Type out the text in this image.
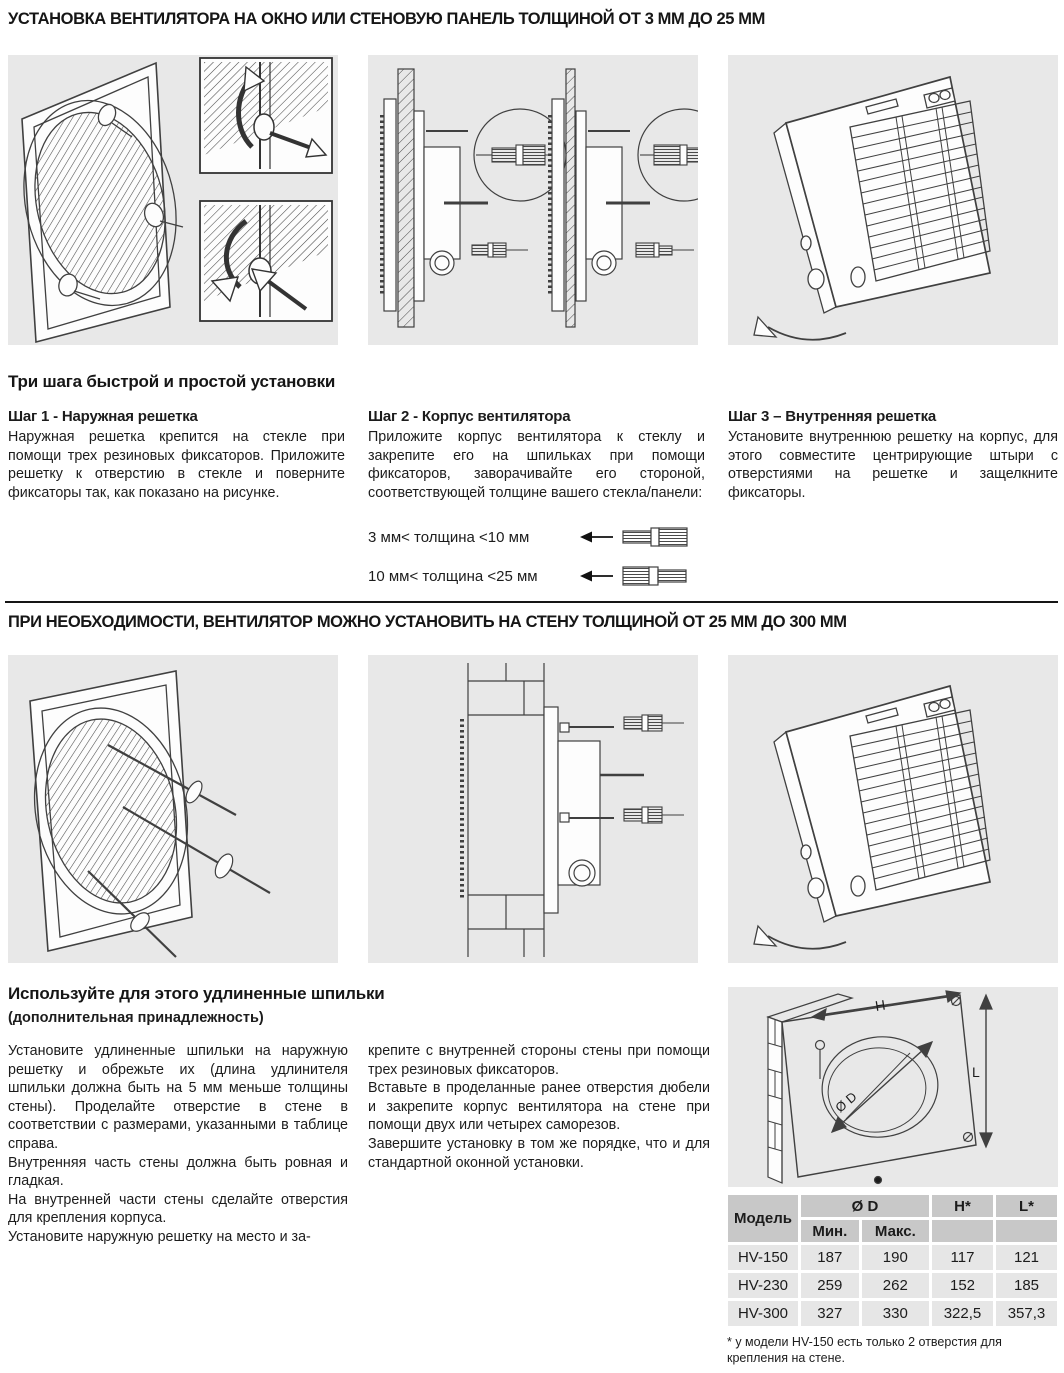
УСТАНОВКА ВЕНТИЛЯТОРА НА ОКНО ИЛИ СТЕНОВУЮ ПАНЕЛЬ ТОЛЩИНОЙ ОТ 3 ММ ДО 25 ММ
Три шага быстрой и простой установки
Шаг 1 - Наружная решетка

Наружная решетка крепится на стекле при помощи трех резиновых фиксаторов. Приложите решетку к отверстию в стекле и поверните фиксаторы так, как показано на рисунке.

Шаг 2 - Корпус вентилятора

Приложите корпус вентилятора к стеклу и закрепите его на шпильках при помощи фиксаторов, заворачивайте его стороной, соответствующей толщине вашего стекла/панели:

3 мм< толщина <10 мм
10 мм< толщина <25 мм
Шаг 3 – Внутренняя решетка

Установите внутреннюю решетку на корпус, для этого совместите центрирующие штыри с отверстиями на решетке и защелкните фиксаторы.

ПРИ НЕОБХОДИМОСТИ, ВЕНТИЛЯТОР МОЖНО УСТАНОВИТЬ НА СТЕНУ ТОЛЩИНОЙ ОТ 25 ММ ДО 300 ММ
Используйте для этого удлиненные шпильки
(дополнительная принадлежность)

Установите удлиненные шпильки на наружную решетку и обрежьте их (длина удлинителя шпильки должна быть на 5 мм меньше толщины стены). Проделайте отверстие в стене в соответствии с размерами, указанными в таблице справа.

Внутренняя часть стены должна быть ровная и гладкая.

На внутренней части стены сделайте отверстия для крепления корпуса.

Установите наружную решетку на место и за-

крепите с внутренней стороны стены при помощи трех резиновых фиксаторов.

Вставьте в проделанные ранее отверстия дюбели и закрепите корпус вентилятора на стене при помощи двух или четырех саморезов.

Завершите установку в том же порядке, что и для стандартной оконной установки.

H
L
Ø D
Модель	Ø D		H*	L*
	Мин.	Макс.		
HV-150	187	190	117	121
HV-230	259	262	152	185
HV-300	327	330	322,5	357,3
* у модели HV-150 есть только 2 отверстия для крепления на стене.
